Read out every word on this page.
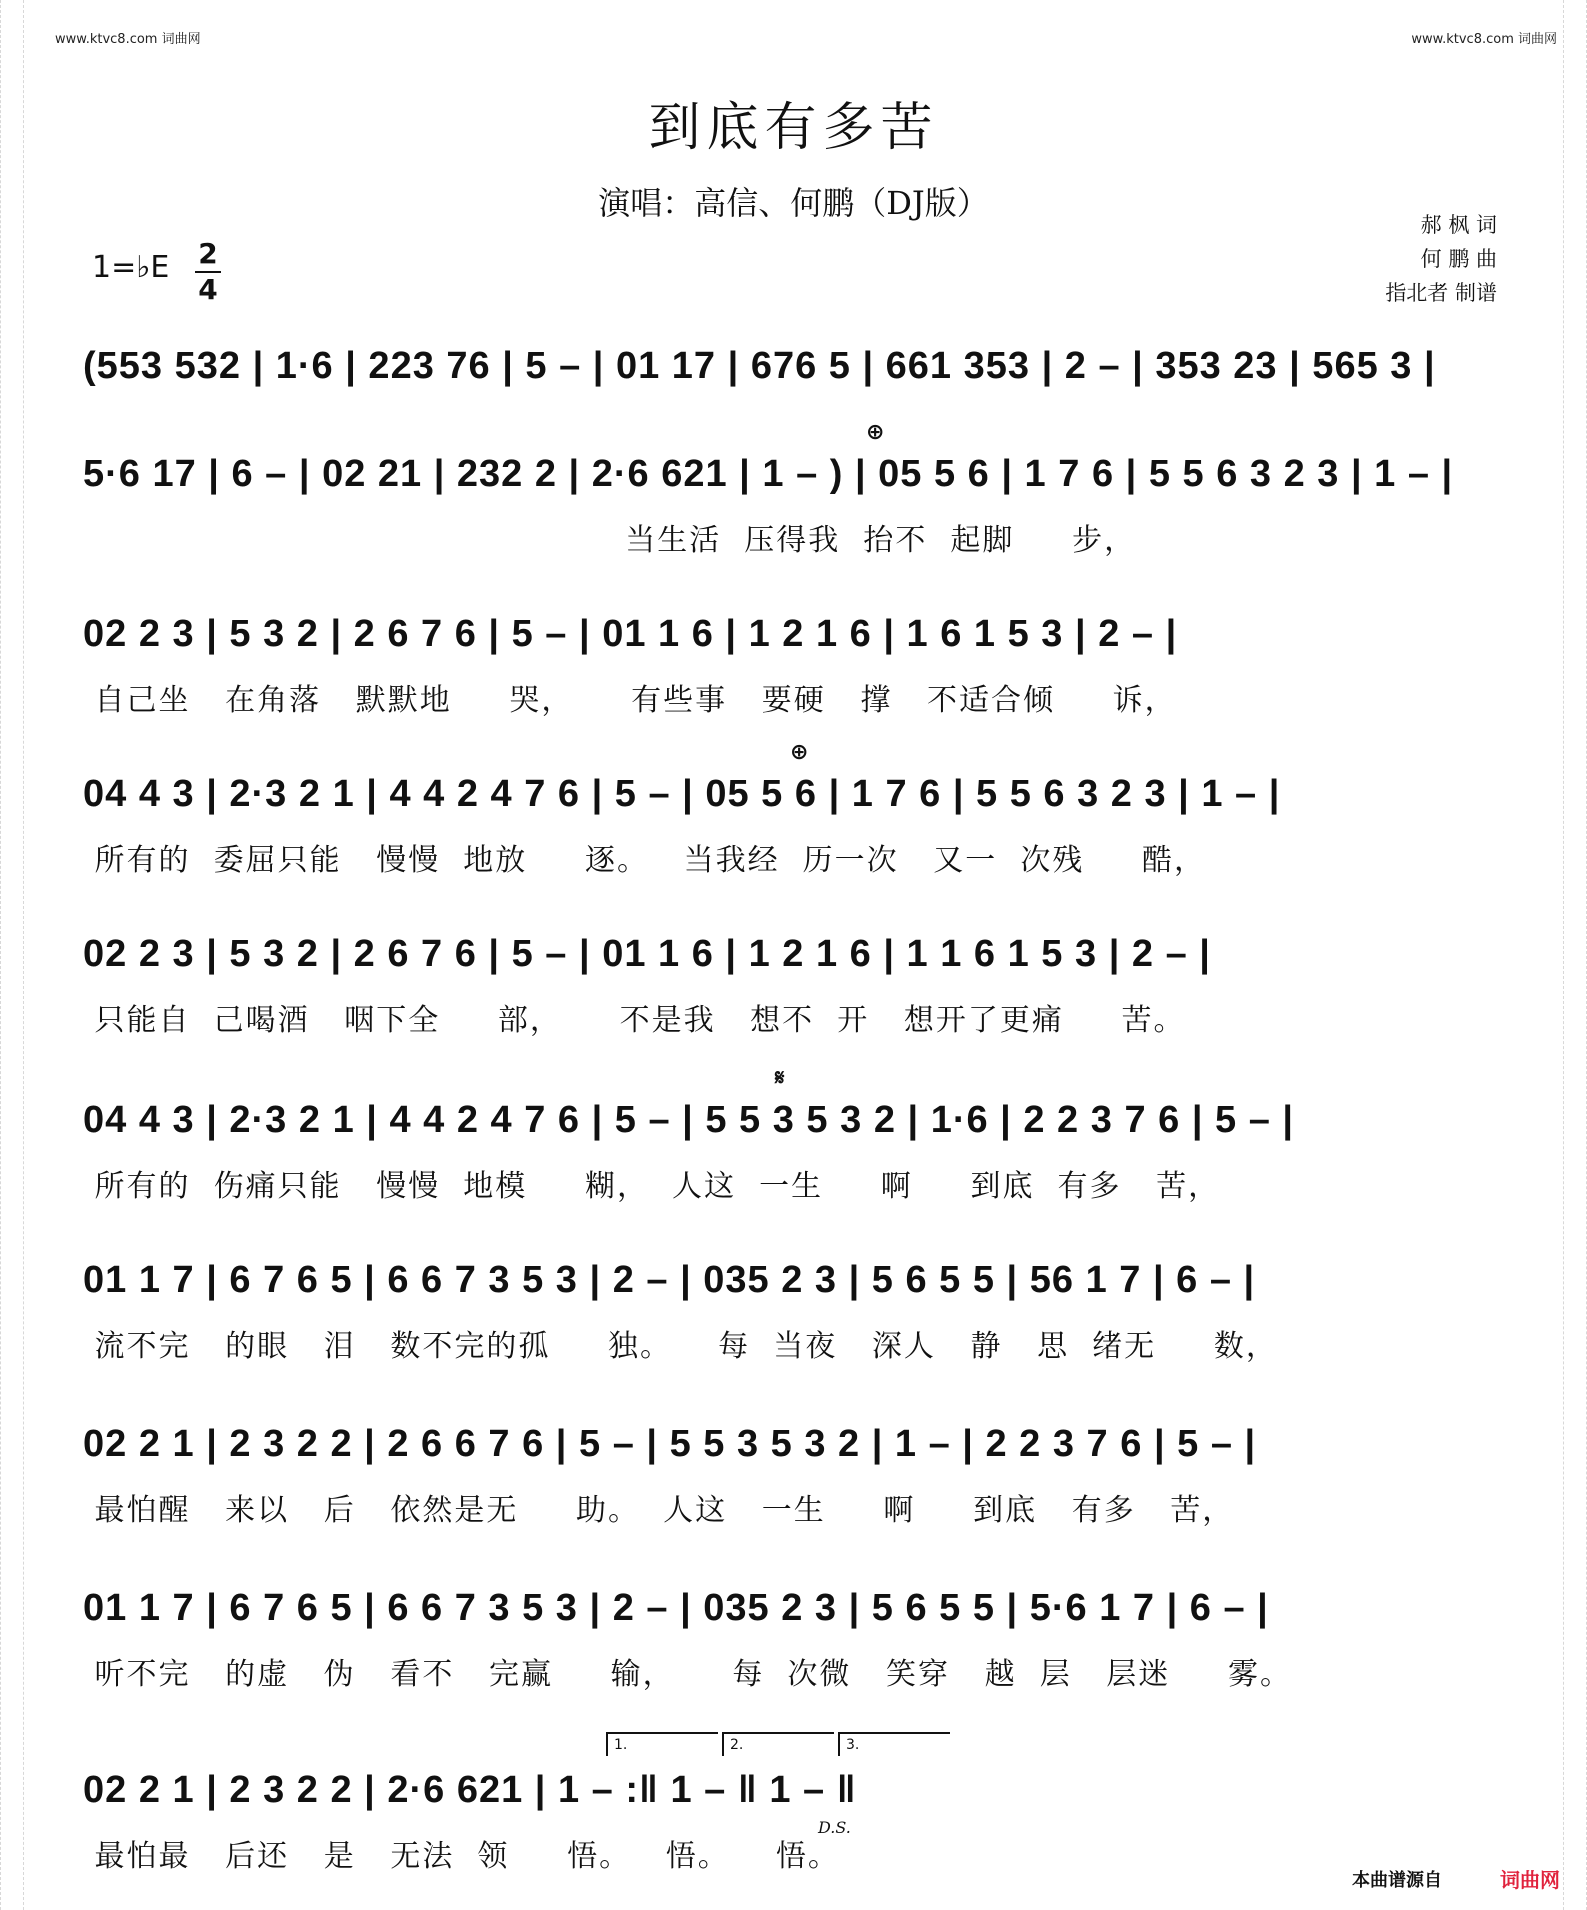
www.ktvc8.com 词曲网	www.ktvc8.com 词曲网
到底有多苦
演唱：高信、何鹏（DJ版）
郝 枫 词
何 鹏 曲
指北者 制谱
1=♭E 2
4
(553 532 | 1·6 | 223 76 | 5 – | 01 17 | 676 5 | 661 353 | 2 – | 353 23 | 565 3 |
5·6 17 | 6 – | 02 21 | 232 2 | 2·6 621 | 1 – ) | 05 5 6 | 1 7 6 | 5 5 6 3 2 3 | 1 – |
当生活  压得我  抬不  起脚     步，
02 2 3 | 5 3 2 | 2 6 7 6 | 5 – | 01 1 6 | 1 2 1 6 | 1 6 1 5 3 | 2 – |
自己坐   在角落   默默地     哭，     有些事   要硬   撑   不适合倾     诉，
04 4 3 | 2·3 2 1 | 4 4 2 4 7 6 | 5 – | 05 5 6 | 1 7 6 | 5 5 6 3 2 3 | 1 – |
所有的  委屈只能   慢慢  地放     逐。   当我经  历一次   又一  次残     酷，
02 2 3 | 5 3 2 | 2 6 7 6 | 5 – | 01 1 6 | 1 2 1 6 | 1 1 6 1 5 3 | 2 – |
只能自  己喝酒   咽下全     部，     不是我   想不  开   想开了更痛     苦。
04 4 3 | 2·3 2 1 | 4 4 2 4 7 6 | 5 – | 5 5 3 5 3 2 | 1·6 | 2 2 3 7 6 | 5 – |
所有的  伤痛只能   慢慢  地模     糊，  人这  一生     啊     到底  有多   苦，
01 1 7 | 6 7 6 5 | 6 6 7 3 5 3 | 2 – | 035 2 3 | 5 6 5 5 | 56 1 7 | 6 – |
流不完   的眼   泪   数不完的孤     独。    每  当夜   深人   静   思  绪无     数，
02 2 1 | 2 3 2 2 | 2 6 6 7 6 | 5 – | 5 5 3 5 3 2 | 1 – | 2 2 3 7 6 | 5 – |
最怕醒   来以   后   依然是无     助。  人这   一生     啊     到底   有多   苦，
01 1 7 | 6 7 6 5 | 6 6 7 3 5 3 | 2 – | 035 2 3 | 5 6 5 5 | 5·6 1 7 | 6 – |
听不完   的虚   伪   看不   完赢     输，     每  次微   笑穿   越  层   层迷     雾。
02 2 1 | 2 3 2 2 | 2·6 621 | 1 – :‖ 1 – ‖ 1 – ‖
最怕最   后还   是   无法  领     悟。   悟。    悟。
⊕
⊕
𝄋
1.	2.	3.
D.S.
本曲谱源自	词曲网
